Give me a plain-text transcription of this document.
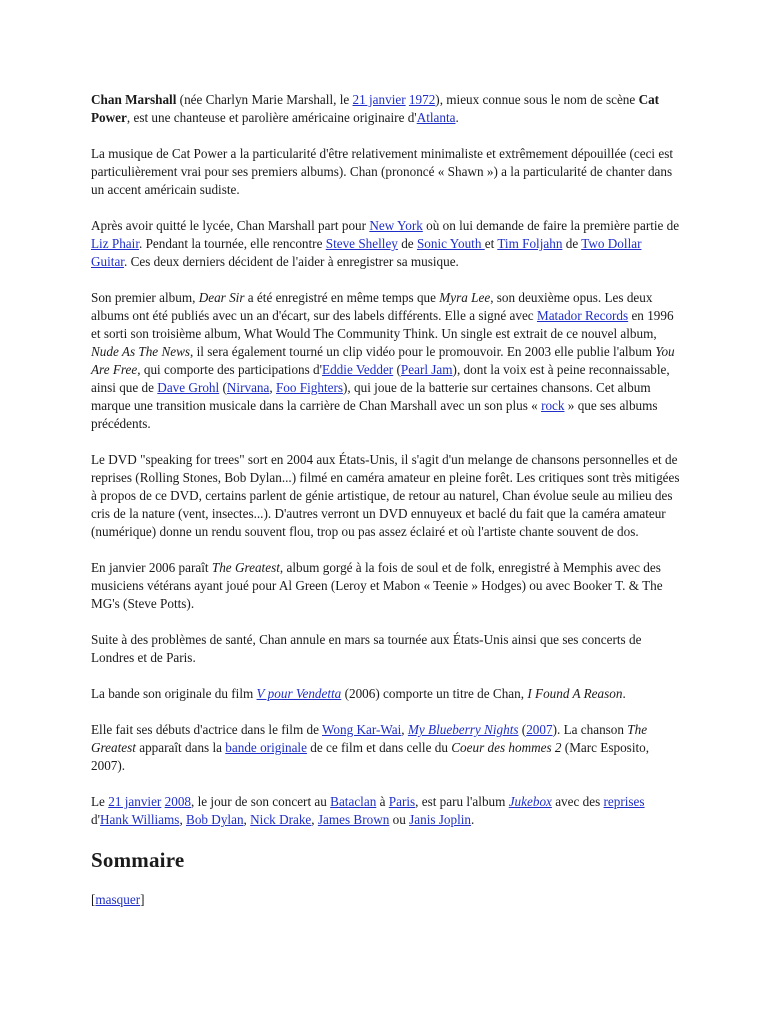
Chan Marshall (née Charlyn Marie Marshall, le 21 janvier 1972), mieux connue sous le nom de scène Cat Power, est une chanteuse et parolière américaine originaire d'Atlanta.

La musique de Cat Power a la particularité d'être relativement minimaliste et extrêmement dépouillée (ceci est particulièrement vrai pour ses premiers albums). Chan (prononcé « Shawn ») a la particularité de chanter dans un accent américain sudiste.

Après avoir quitté le lycée, Chan Marshall part pour New York où on lui demande de faire la première partie de Liz Phair. Pendant la tournée, elle rencontre Steve Shelley de Sonic Youth et Tim Foljahn de Two Dollar Guitar. Ces deux derniers décident de l'aider à enregistrer sa musique.

Son premier album, Dear Sir a été enregistré en même temps que Myra Lee, son deuxième opus. Les deux albums ont été publiés avec un an d'écart, sur des labels différents. Elle a signé avec Matador Records en 1996 et sorti son troisième album, What Would The Community Think. Un single est extrait de ce nouvel album, Nude As The News, il sera également tourné un clip vidéo pour le promouvoir. En 2003 elle publie l'album You Are Free, qui comporte des participations d'Eddie Vedder (Pearl Jam), dont la voix est à peine reconnaissable, ainsi que de Dave Grohl (Nirvana, Foo Fighters), qui joue de la batterie sur certaines chansons. Cet album marque une transition musicale dans la carrière de Chan Marshall avec un son plus « rock » que ses albums précédents.

Le DVD "speaking for trees" sort en 2004 aux États-Unis, il s'agit d'un melange de chansons personnelles et de reprises (Rolling Stones, Bob Dylan...) filmé en caméra amateur en pleine forêt. Les critiques sont très mitigées à propos de ce DVD, certains parlent de génie artistique, de retour au naturel, Chan évolue seule au milieu des cris de la nature (vent, insectes...). D'autres verront un DVD ennuyeux et baclé du fait que la caméra amateur (numérique) donne un rendu souvent flou, trop ou pas assez éclairé et où l'artiste chante souvent de dos.

En janvier 2006 paraît The Greatest, album gorgé à la fois de soul et de folk, enregistré à Memphis avec des musiciens vétérans ayant joué pour Al Green (Leroy et Mabon « Teenie » Hodges) ou avec Booker T. & The MG's (Steve Potts).

Suite à des problèmes de santé, Chan annule en mars sa tournée aux États-Unis ainsi que ses concerts de Londres et de Paris.

La bande son originale du film V pour Vendetta (2006) comporte un titre de Chan, I Found A Reason.

Elle fait ses débuts d'actrice dans le film de Wong Kar-Wai, My Blueberry Nights (2007). La chanson The Greatest apparaît dans la bande originale de ce film et dans celle du Coeur des hommes 2 (Marc Esposito, 2007).

Le 21 janvier 2008, le jour de son concert au Bataclan à Paris, est paru l'album Jukebox avec des reprises d'Hank Williams, Bob Dylan, Nick Drake, James Brown ou Janis Joplin.

Sommaire
[masquer]
